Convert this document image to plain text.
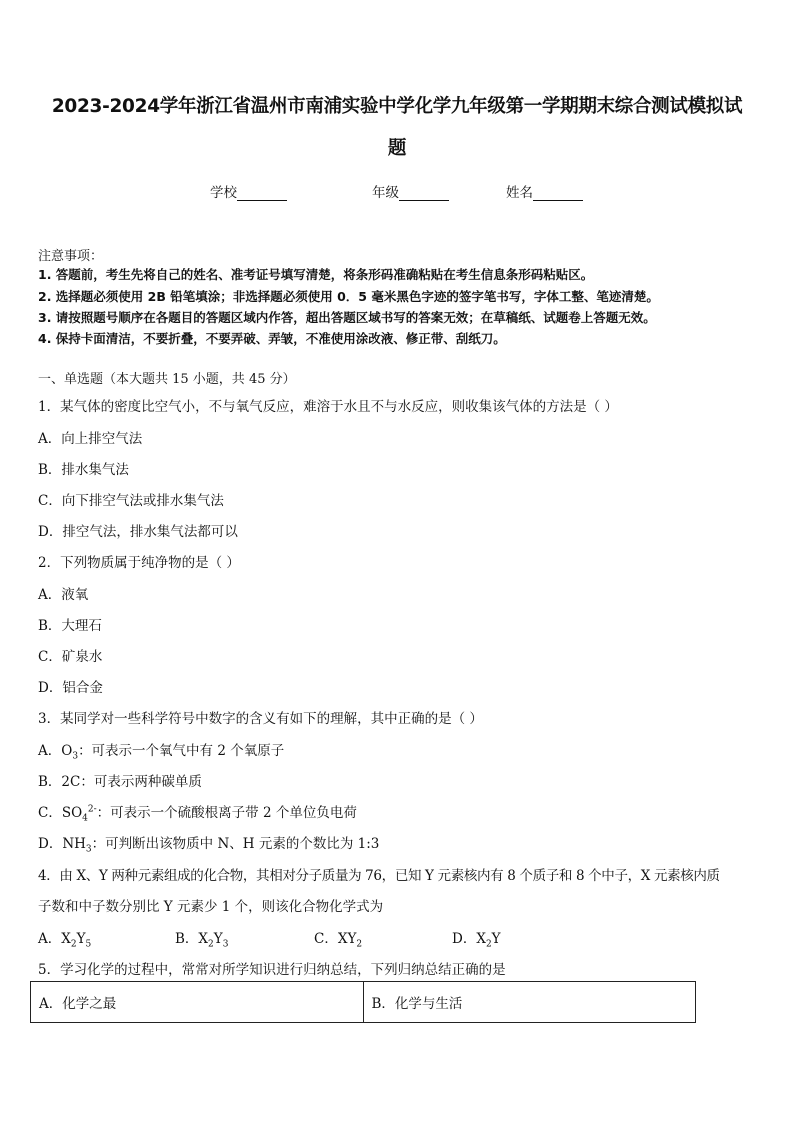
2023-2024学年浙江省温州市南浦实验中学化学九年级第一学期期末综合测试模拟试
题
学校	年级	姓名
注意事项：
1. 答题前，考生先将自己的姓名、准考证号填写清楚，将条形码准确粘贴在考生信息条形码粘贴区。
2. 选择题必须使用 2B 铅笔填涂；非选择题必须使用 0．5 毫米黑色字迹的签字笔书写，字体工整、笔迹清楚。
3. 请按照题号顺序在各题目的答题区域内作答，超出答题区域书写的答案无效；在草稿纸、试题卷上答题无效。
4. 保持卡面清洁，不要折叠，不要弄破、弄皱，不准使用涂改液、修正带、刮纸刀。
一、单选题（本大题共 15 小题，共 45 分）
1．某气体的密度比空气小，不与氧气反应，难溶于水且不与水反应，则收集该气体的方法是（ ）
A．向上排空气法
B．排水集气法
C．向下排空气法或排水集气法
D．排空气法，排水集气法都可以
2．下列物质属于纯净物的是（ ）
A．液氧
B．大理石
C．矿泉水
D．铝合金
3．某同学对一些科学符号中数字的含义有如下的理解，其中正确的是（ ）
A．$O_3$：可表示一个氧气中有 2 个氧原子
B．2C：可表示两种碳单质
C．$SO_4^{2-}$：可表示一个硫酸根离子带 2 个单位负电荷
D．$NH_3$：可判断出该物质中 N、H 元素的个数比为 1:3
4．由 X、Y 两种元素组成的化合物，其相对分子质量为 76，已知 Y 元素核内有 8 个质子和 8 个中子，X 元素核内质
子数和中子数分别比 Y 元素少 1 个，则该化合物化学式为
A．$X_2Y_5$	B．$X_2Y_3$	C．$XY_2$	D．$X_2Y$
5．学习化学的过程中，常常对所学知识进行归纳总结，下列归纳总结正确的是
A．化学之最	B．化学与生活
